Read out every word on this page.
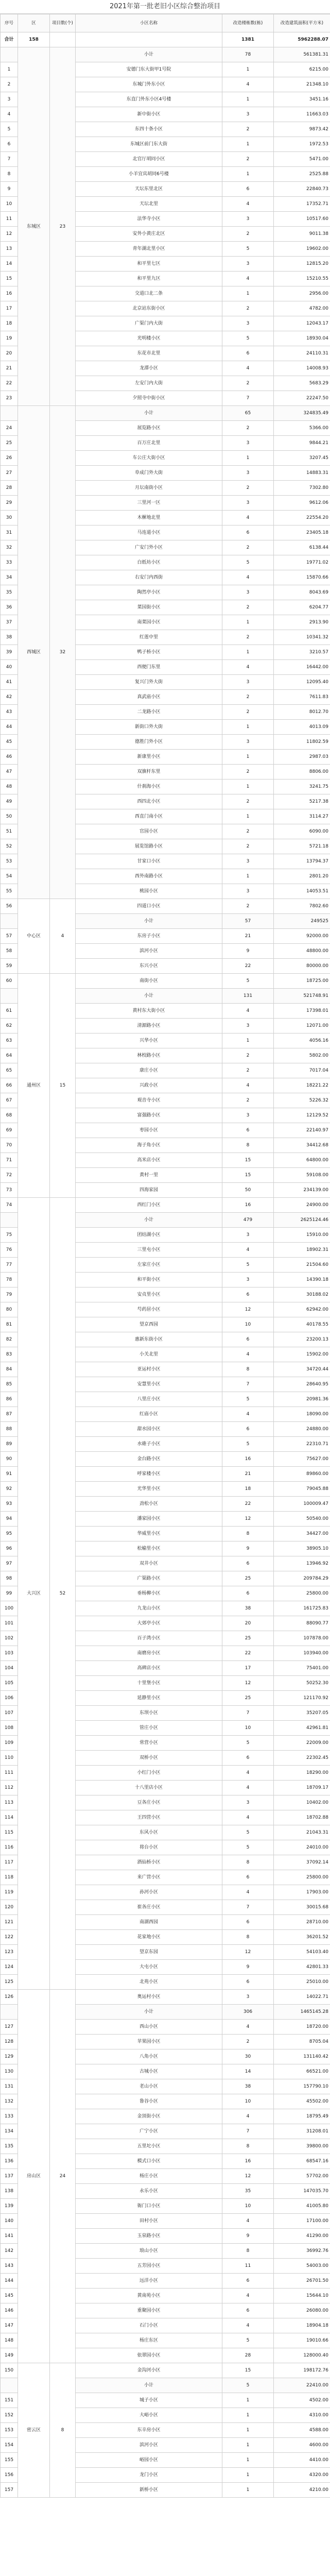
2021年第一批老旧小区综合整治项目
序号	区	项目数(个)	小区名称	改造楼栋数(栋)	改造建筑面积(平方米)
合计	158			1381	5962288.07
	东城区	23	小计	78	561381.31
1			安德门东大街甲1号院	1	6215.00
2			东城门外东小区	4	21348.10
3			东直门外东小区4号楼	1	3451.16
4			新中街小区	3	11663.03
5			东四十条小区	2	9873.42
6			东城区前门东大街	1	1972.53
7			北官厅胡同小区	2	5471.00
8			小羊宜宾胡同6号楼	1	2525.88
9			天坛东里北区	6	22840.73
10			天坛北里	4	17352.71
11			法华寺小区	3	10517.60
12			安外小黄庄北区	2	9011.38
13			青年湖北里小区	5	19602.00
14			和平里七区	3	12815.20
15			和平里九区	4	15210.55
16			交道口北二条	1	2956.00
17			北京站东街小区	2	4782.00
18			广渠门内大街	3	12043.17
19			光明楼小区	5	18930.04
20			东花市北里	6	24110.31
21			龙潭小区	4	14008.93
22			左安门内大街	2	5683.29
23			夕照寺中街小区	7	22247.50
	西城区	32	小计	65	324835.49
24			展览路小区	2	5366.00
25			百万庄北里	3	9844.21
26			车公庄大街小区	1	3207.45
27			阜成门外大街	3	14883.31
28			月坛南街小区	2	7302.80
29			三里河一区	3	9612.06
30			木樨地北里	4	22554.20
31			马连道小区	6	23405.18
32			广安门外小区	2	6138.44
33			白纸坊小区	5	19771.02
34			右安门内西街	4	15870.66
35			陶然亭小区	3	8043.69
36			菜园街小区	2	6204.77
37			南菜园小区	1	2913.90
38			红莲中里	2	10341.32
39			鸭子桥小区	1	3210.57
40			西便门东里	4	16442.00
41			复兴门外大街	3	12095.40
42			真武庙小区	2	7611.83
43			二龙路小区	2	8012.70
44			新街口外大街	1	4013.09
45			德胜门外小区	3	11802.59
46			新康里小区	1	2987.03
47			双旗杆东里	2	8806.00
48			什刹海小区	1	3241.75
49			西四北小区	2	5217.38
50			西直门南小区	1	3114.27
51			官园小区	2	6090.00
52			展览馆路小区	2	5721.18
53			甘家口小区	3	13794.37
54			西外南路小区	1	2801.20
55			桃园小区	3	14053.51
56	中心区	4	四道口小区	2	7802.60
			小计	57	249525
57			东房子小区	21	92000.00
58			滨河小区	9	48800.00
59			东兴小区	22	80000.00
60	通州区	15	南街小区	5	18725.00
			小计	131	521748.91
61			黄村东大街小区	4	17398.01
62			清源路小区	3	12071.00
63			兴华小区	1	4056.16
64			林校路小区	2	5802.00
65			康庄小区	2	7017.04
66			兴政小区	4	18221.22
67			观音寺小区	2	5226.32
68			富强路小区	3	12129.52
69			枣园小区	6	22140.97
70			海子角小区	8	34412.68
71			高米店小区	15	64800.00
72			黄村一里	15	59108.00
73			四海家园	50	234139.00
74	大兴区	52	西红门小区	16	24900.00
			小计	479	2625124.46
75			团结湖小区	3	15910.00
76			三里屯小区	4	18902.31
77			左家庄小区	5	21504.60
78			和平街小区	3	14390.18
79			安贞里小区	6	30188.02
80			芍药居小区	12	62942.00
81			望京西园	10	40178.55
82			惠新东街小区	6	23200.13
83			小关北里	4	15902.00
84			亚运村小区	8	34720.44
85			安慧里小区	7	28640.95
86			八里庄小区	5	20981.36
87			红庙小区	4	18090.00
88			甜水园小区	6	24880.00
89			水碓子小区	5	22310.71
90			金台路小区	16	75627.00
91			呼家楼小区	21	89860.00
92			光华里小区	18	79045.88
93			劲松小区	22	100009.47
94			潘家园小区	12	50540.00
95			华威里小区	8	34427.00
96			松榆里小区	9	38905.10
97			双井小区	6	13946.92
98			广渠路小区	25	209784.29
99			垂杨柳小区	6	25800.00
100			九龙山小区	38	161725.83
101			大郊亭小区	20	88090.77
102			百子湾小区	25	107878.00
103			南磨房小区	22	103940.00
104			高碑店小区	17	75401.00
105			十里堡小区	12	50252.30
106			延静里小区	25	121170.92
107			东坝小区	7	35207.05
108			管庄小区	10	42961.81
109			常营小区	5	22009.00
110			双桥小区	6	22302.45
111			小红门小区	4	18290.00
112			十八里店小区	4	18709.17
113			豆各庄小区	3	10402.00
114			王四营小区	4	18702.88
115			东风小区	5	21043.31
116			将台小区	5	24010.00
117			酒仙桥小区	8	37092.14
118			来广营小区	6	25800.00
119			孙河小区	4	17903.00
120			崔各庄小区	7	30015.68
121			南湖西园	6	28710.00
122			花家地小区	8	36201.52
123			望京东园	12	54103.40
124			大屯小区	9	42801.33
125			北苑小区	6	25010.00
126	房山区	24	奥运村小区	3	14022.71
			小计	306	1465145.28
127			西山小区	4	18720.00
128			苹果园小区	2	8705.04
129			八角小区	30	131140.42
130			古城小区	14	66521.00
131			老山小区	38	157790.10
132			鲁谷小区	10	45502.00
133			金顶街小区	4	18795.49
134			广宁小区	7	31208.01
135			五里坨小区	8	39800.00
136			模式口小区	16	68547.16
137			杨庄小区	12	57702.00
138			永乐小区	35	147035.70
139			衙门口小区	10	41005.80
140			田村小区	4	17100.00
141			玉泉路小区	9	41290.00
142			琅山小区	8	36992.76
143			五芳园小区	11	54003.00
144			远洋小区	6	26701.50
145			黄南苑小区	4	15644.10
146			重聚园小区	6	26080.00
147			石门小区	4	18904.18
148			杨庄东区	5	19010.66
149			依翠园小区	28	128000.40
150	密云区	8	金沟河小区	15	198172.76
			小计	5	22410.00
151			城子小区	1	4502.00
152			大峪小区	1	4310.00
153			东辛房小区	1	4588.00
154			滨河小区	1	4600.00
155			峪园小区	1	4410.00
156			龙门小区	1	4320.00
157			新桥小区	1	4210.00
